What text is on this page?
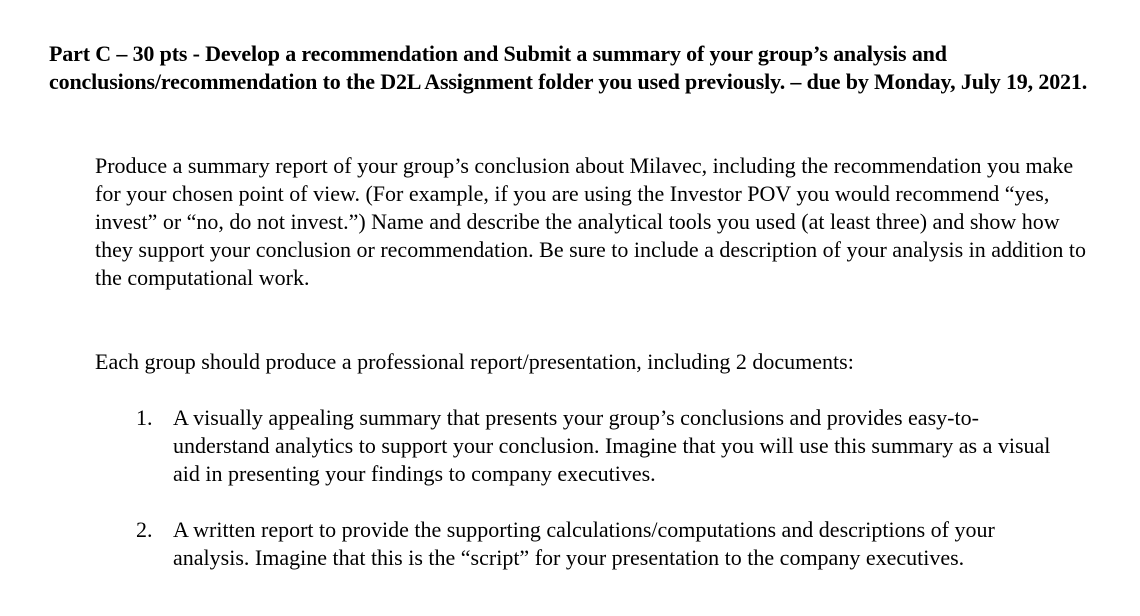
Part C – 30 pts - Develop a recommendation and Submit a summary of your group’s analysis and conclusions/recommendation to the D2L Assignment folder you used previously. – due by Monday, July 19, 2021.

Produce a summary report of your group’s conclusion about Milavec, including the recommendation you make for your chosen point of view. (For example, if you are using the Investor POV you would recommend “yes, invest” or “no, do not invest.”) Name and describe the analytical tools you used (at least three) and show how they support your conclusion or recommendation. Be sure to include a description of your analysis in addition to the computational work.

Each group should produce a professional report/presentation, including 2 documents:

1. A visually appealing summary that presents your group’s conclusions and provides easy-to-understand analytics to support your conclusion. Imagine that you will use this summary as a visual aid in presenting your findings to company executives.
2. A written report to provide the supporting calculations/computations and descriptions of your analysis. Imagine that this is the “script” for your presentation to the company executives.
